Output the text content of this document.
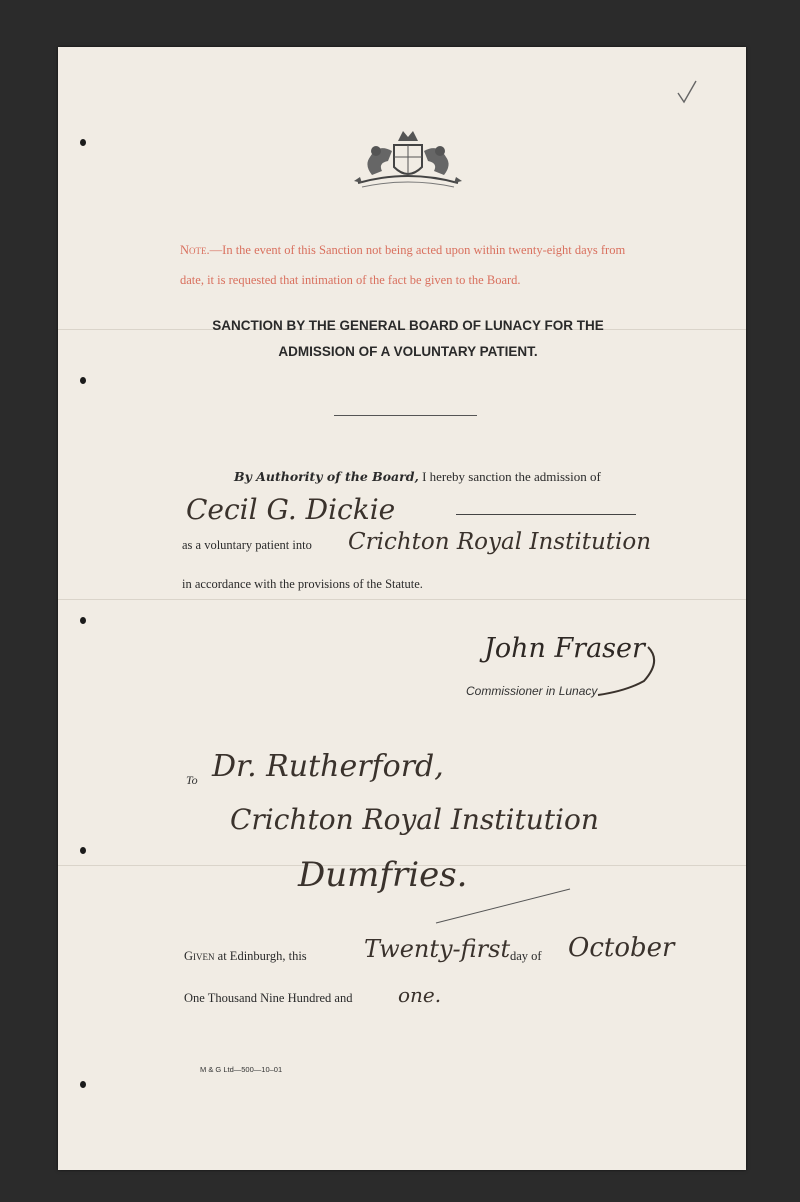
Note.—In the event of this Sanction not being acted upon within twenty-eight days from date, it is requested that intimation of the fact be given to the Board.

SANCTION BY THE GENERAL BOARD OF LUNACY FOR THE
ADMISSION OF A VOLUNTARY PATIENT.
By Authority of the Board, I hereby sanction the admission of
Cecil G. Dickie
as a voluntary patient into Crichton Royal Institution
in accordance with the provisions of the Statute.
John Fraser
Commissioner in Lunacy
To Dr. Rutherford,
Crichton Royal Institution
Dumfries.
Given at Edinburgh, this Twenty-first day of October
One Thousand Nine Hundred and one.
M & G Ltd—500—10–01
